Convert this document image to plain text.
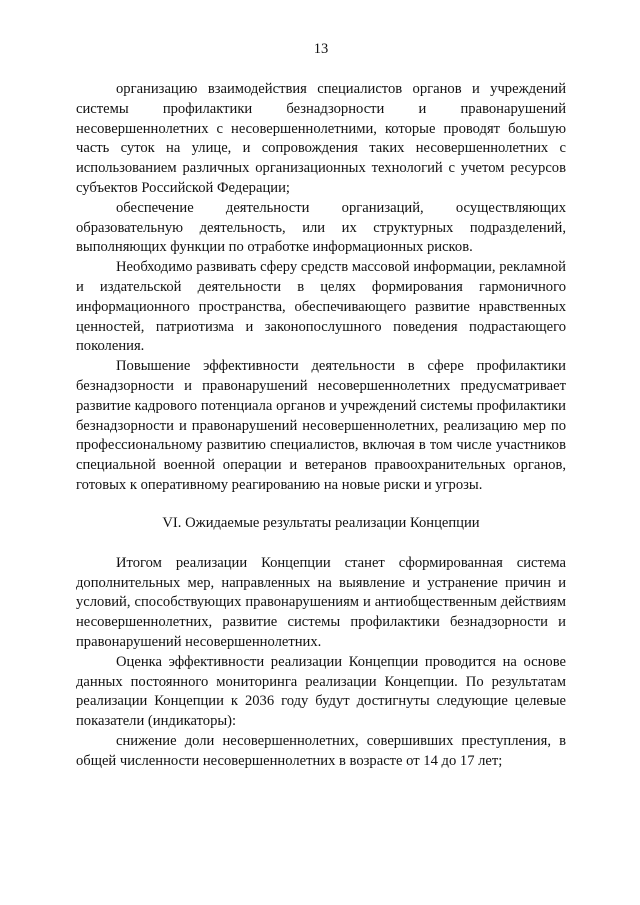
13

организацию взаимодействия специалистов органов и учреждений системы профилактики безнадзорности и правонарушений несовершеннолетних с несовершеннолетними, которые проводят большую часть суток на улице, и сопровождения таких несовершеннолетних с использованием различных организационных технологий с учетом ресурсов субъектов Российской Федерации;

обеспечение деятельности организаций, осуществляющих образовательную деятельность, или их структурных подразделений, выполняющих функции по отработке информационных рисков.

Необходимо развивать сферу средств массовой информации, рекламной и издательской деятельности в целях формирования гармоничного информационного пространства, обеспечивающего развитие нравственных ценностей, патриотизма и законопослушного поведения подрастающего поколения.

Повышение эффективности деятельности в сфере профилактики безнадзорности и правонарушений несовершеннолетних предусматривает развитие кадрового потенциала органов и учреждений системы профилактики безнадзорности и правонарушений несовершеннолетних, реализацию мер по профессиональному развитию специалистов, включая в том числе участников специальной военной операции и ветеранов правоохранительных органов, готовых к оперативному реагированию на новые риски и угрозы.

VI. Ожидаемые результаты реализации Концепции

Итогом реализации Концепции станет сформированная система дополнительных мер, направленных на выявление и устранение причин и условий, способствующих правонарушениям и антиобщественным действиям несовершеннолетних, развитие системы профилактики безнадзорности и правонарушений несовершеннолетних.

Оценка эффективности реализации Концепции проводится на основе данных постоянного мониторинга реализации Концепции. По результатам реализации Концепции к 2036 году будут достигнуты следующие целевые показатели (индикаторы):

снижение доли несовершеннолетних, совершивших преступления, в общей численности несовершеннолетних в возрасте от 14 до 17 лет;
